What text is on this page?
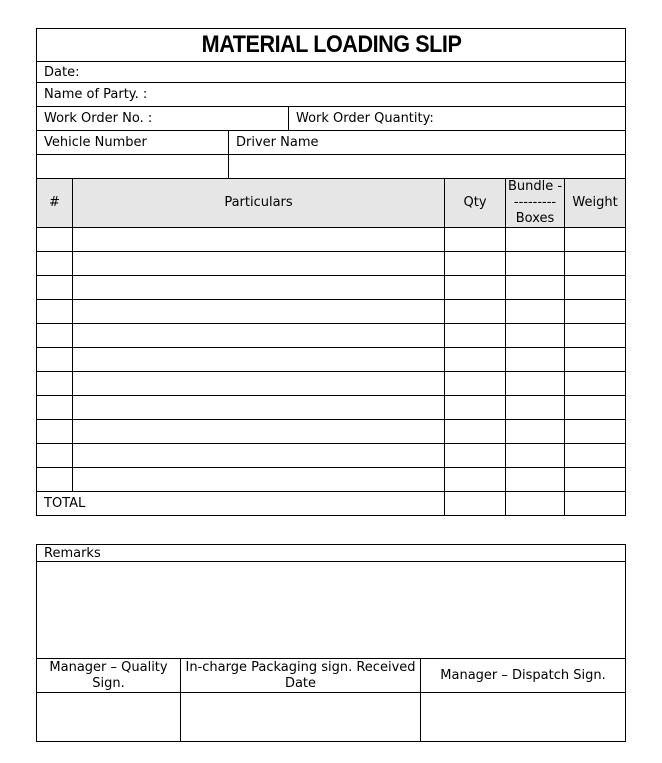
MATERIAL LOADING SLIP						
Date:						
Name of Party. :						
Work Order No. :			Work Order Quantity:			
Vehicle Number		Driver Name				

#	Particulars			Qty	Bundle ---------- Boxes	Weight

TOTAL						
Remarks		

Manager – Quality Sign.	In-charge Packaging sign. Received Date	Manager – Dispatch Sign.
